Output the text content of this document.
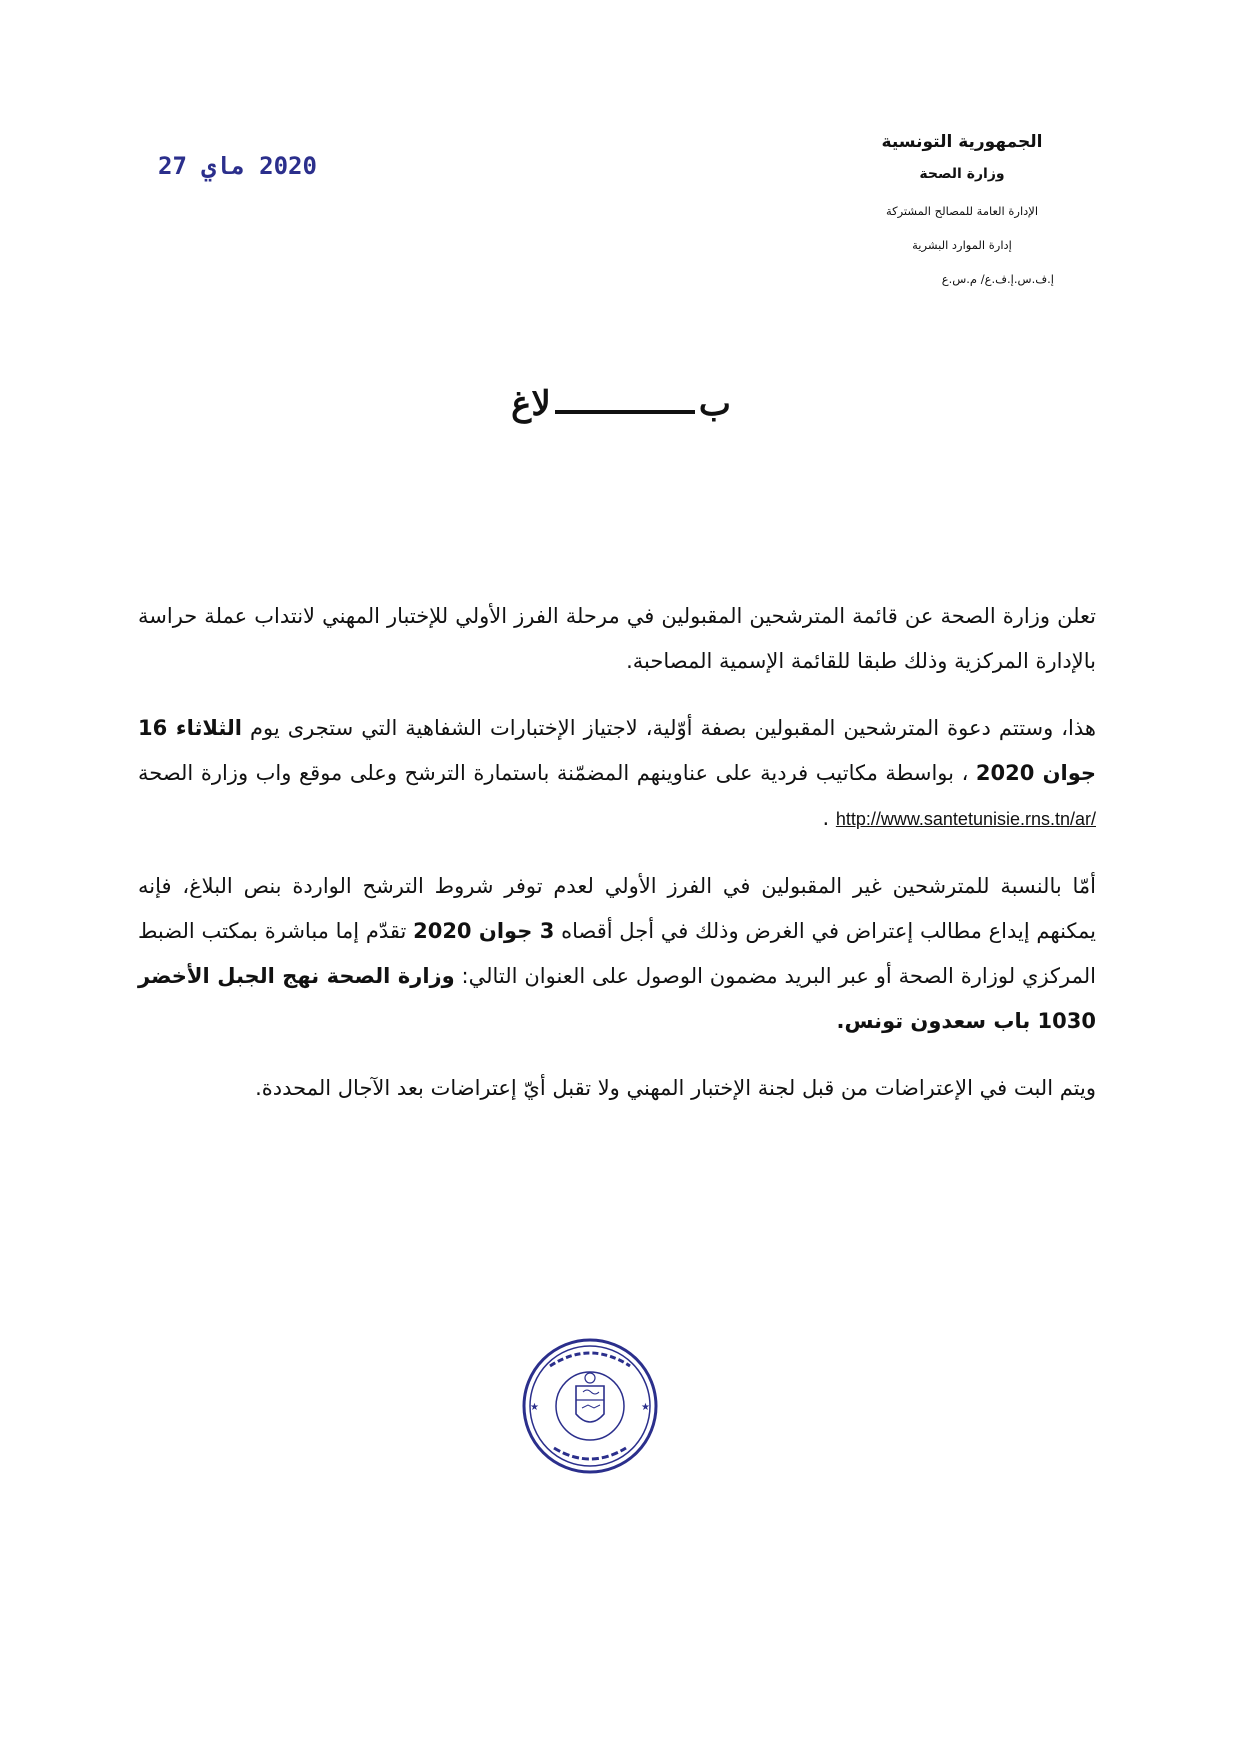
الجمهورية التونسية
وزارة الصحة
الإدارة العامة للمصالح المشتركة
إدارة الموارد البشرية
إ.ف.س.إ.ف.ع/ م.س.ع
2020 ماي 27
بلاغ

تعلن وزارة الصحة عن قائمة المترشحين المقبولين في مرحلة الفرز الأولي للإختبار المهني لانتداب عملة حراسة بالإدارة المركزية وذلك طبقا للقائمة الإسمية المصاحبة.

هذا، وستتم دعوة المترشحين المقبولين بصفة أوّلية، لاجتياز الإختبارات الشفاهية التي ستجرى يوم الثلاثاء 16 جوان 2020 ، بواسطة مكاتيب فردية على عناوينهم المضمّنة باستمارة الترشح وعلى موقع واب وزارة الصحة http://www.santetunisie.rns.tn/ar/ .

أمّا بالنسبة للمترشحين غير المقبولين في الفرز الأولي لعدم توفر شروط الترشح الواردة بنص البلاغ، فإنه يمكنهم إيداع مطالب إعتراض في الغرض وذلك في أجل أقصاه 3 جوان 2020 تقدّم إما مباشرة بمكتب الضبط المركزي لوزارة الصحة أو عبر البريد مضمون الوصول على العنوان التالي: وزارة الصحة نهج الجبل الأخضر 1030 باب سعدون تونس.

ويتم البت في الإعتراضات من قبل لجنة الإختبار المهني ولا تقبل أيّ إعتراضات بعد الآجال المحددة.

★	★
